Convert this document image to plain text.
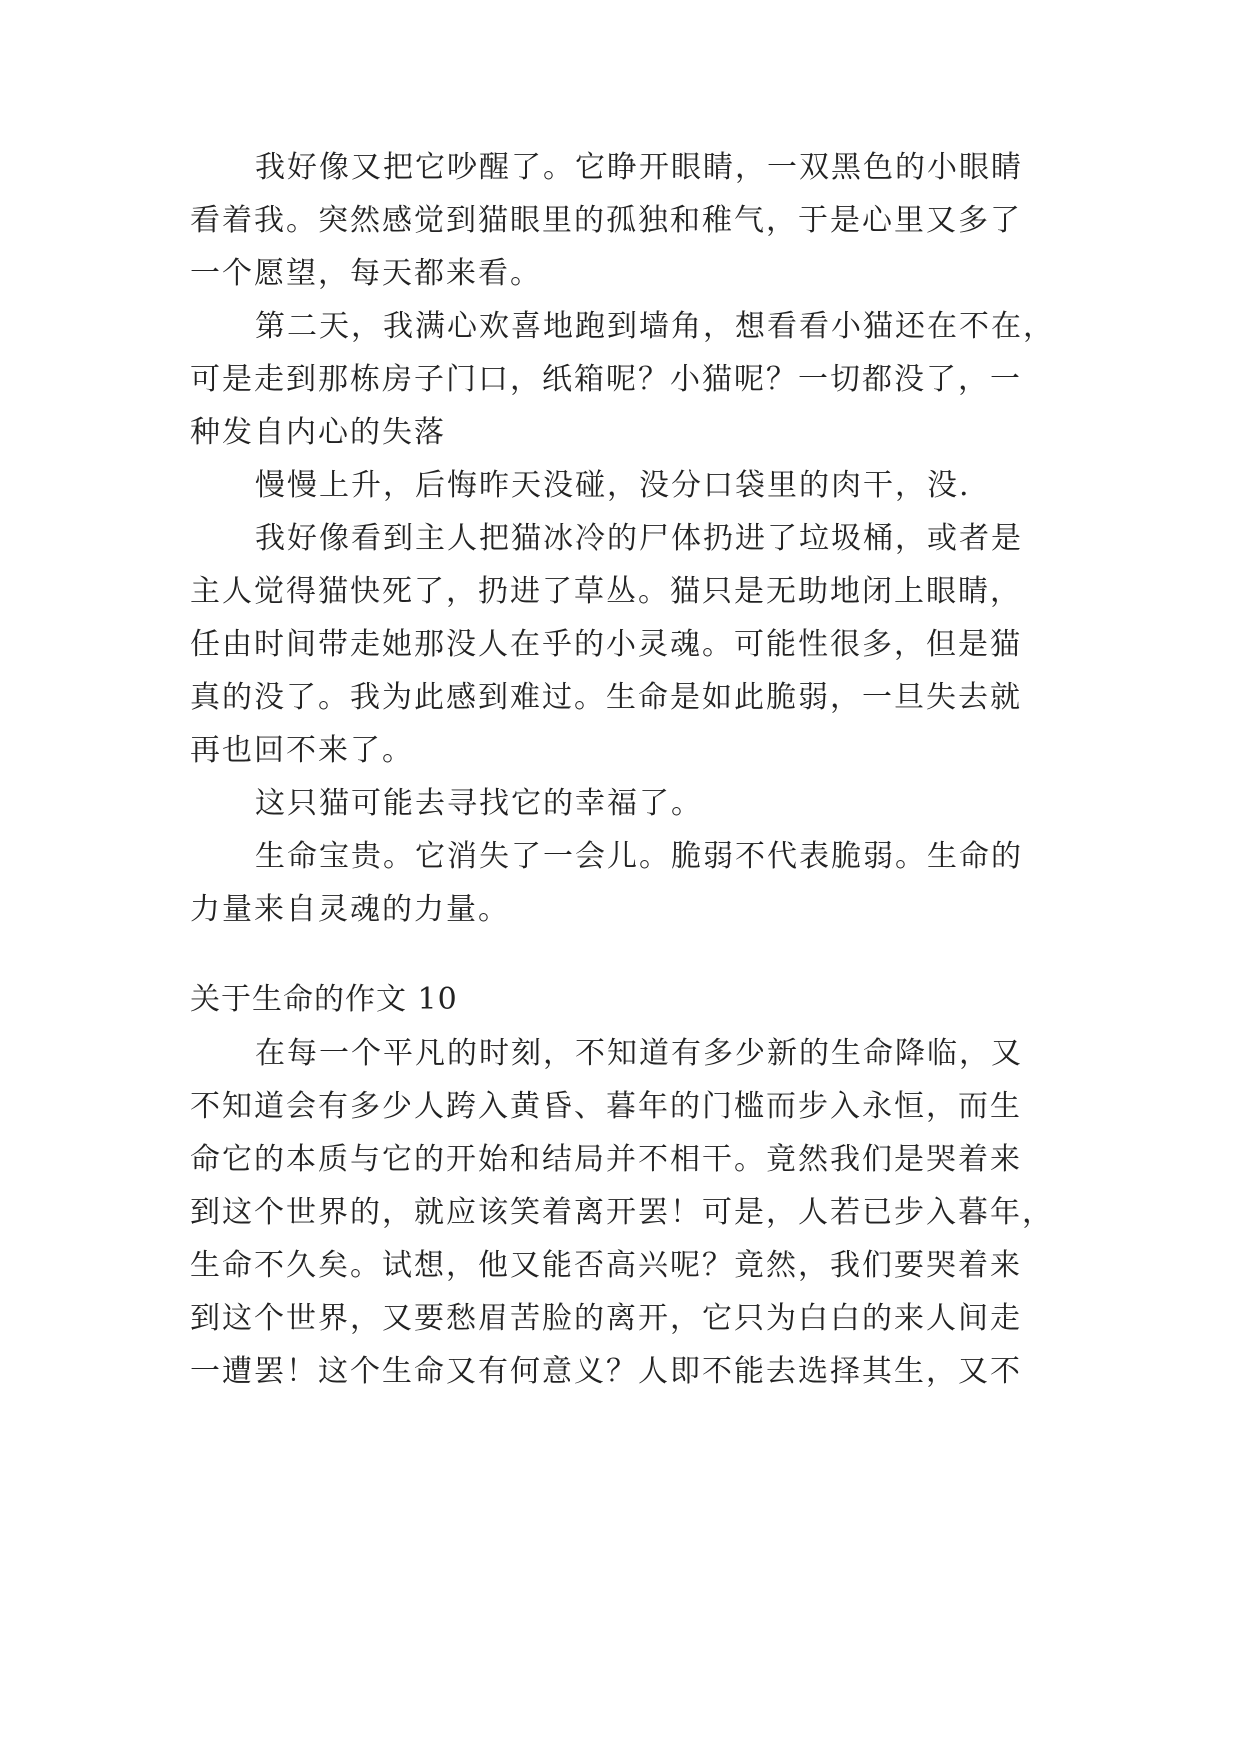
我好像又把它吵醒了。它睁开眼睛，一双黑色的小眼睛
看着我。突然感觉到猫眼里的孤独和稚气，于是心里又多了
一个愿望，每天都来看。
第二天，我满心欢喜地跑到墙角，想看看小猫还在不在，
可是走到那栋房子门口，纸箱呢？小猫呢？一切都没了，一
种发自内心的失落
慢慢上升，后悔昨天没碰，没分口袋里的肉干，没.
我好像看到主人把猫冰冷的尸体扔进了垃圾桶，或者是
主人觉得猫快死了，扔进了草丛。猫只是无助地闭上眼睛，
任由时间带走她那没人在乎的小灵魂。可能性很多，但是猫
真的没了。我为此感到难过。生命是如此脆弱，一旦失去就
再也回不来了。
这只猫可能去寻找它的幸福了。
生命宝贵。它消失了一会儿。脆弱不代表脆弱。生命的
力量来自灵魂的力量。
关于生命的作文 10
在每一个平凡的时刻，不知道有多少新的生命降临，又
不知道会有多少人跨入黄昏、暮年的门槛而步入永恒，而生
命它的本质与它的开始和结局并不相干。竟然我们是哭着来
到这个世界的，就应该笑着离开罢！可是，人若已步入暮年，
生命不久矣。试想，他又能否高兴呢？竟然，我们要哭着来
到这个世界，又要愁眉苦脸的离开，它只为白白的来人间走
一遭罢！这个生命又有何意义？人即不能去选择其生，又不
